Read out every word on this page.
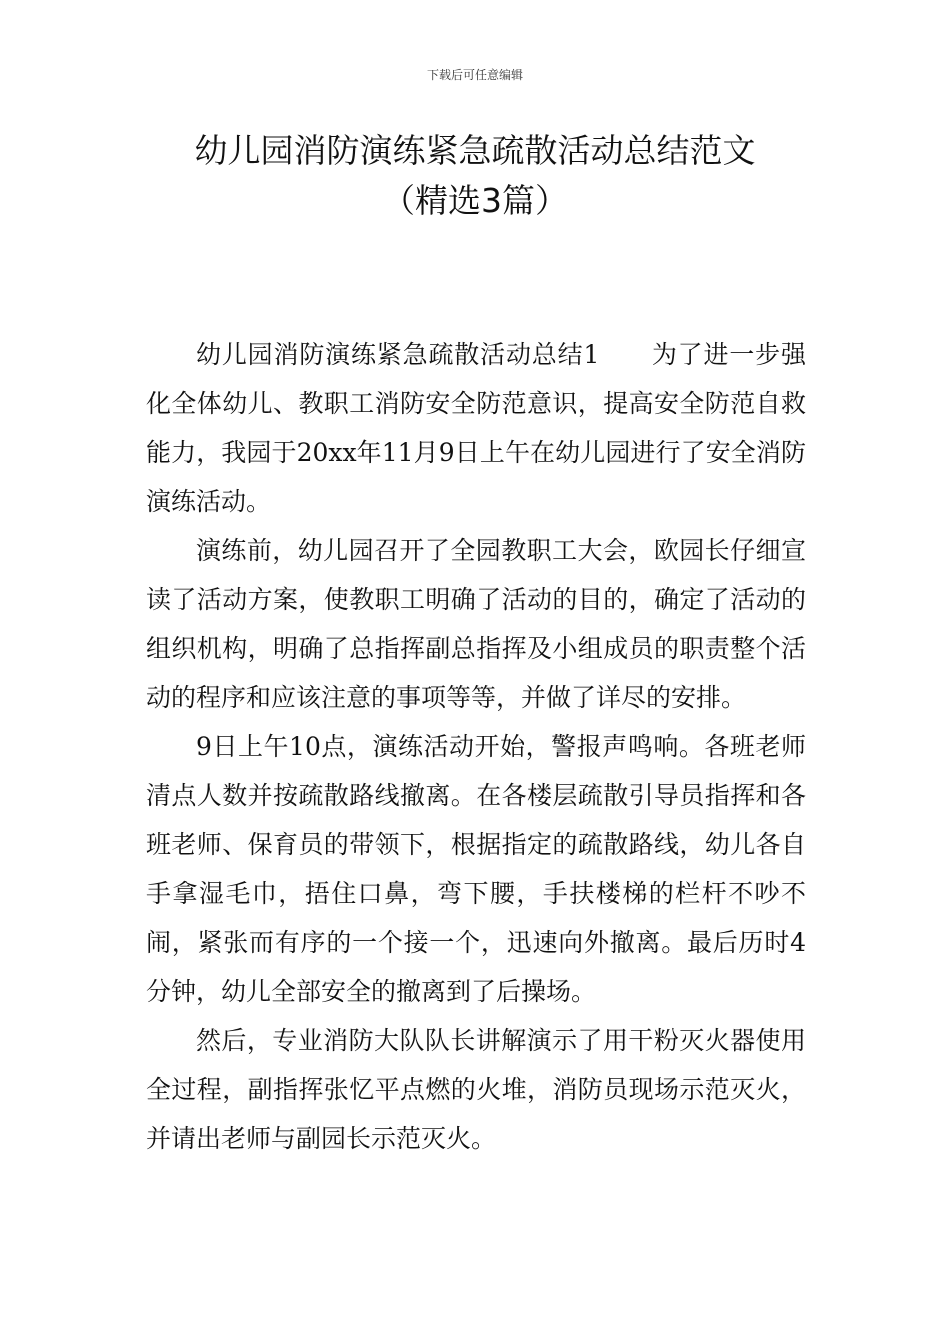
下载后可任意编辑
幼儿园消防演练紧急疏散活动总结范文
（精选3篇）

幼儿园消防演练紧急疏散活动总结1　　为了进一步强化全体幼儿、教职工消防安全防范意识，提高安全防范自救能力，我园于20xx年11月9日上午在幼儿园进行了安全消防演练活动。

演练前，幼儿园召开了全园教职工大会，欧园长仔细宣读了活动方案，使教职工明确了活动的目的，确定了活动的组织机构，明确了总指挥副总指挥及小组成员的职责整个活动的程序和应该注意的事项等等，并做了详尽的安排。

9日上午10点，演练活动开始，警报声鸣响。各班老师清点人数并按疏散路线撤离。在各楼层疏散引导员指挥和各班老师、保育员的带领下，根据指定的疏散路线，幼儿各自手拿湿毛巾，捂住口鼻，弯下腰，手扶楼梯的栏杆不吵不闹，紧张而有序的一个接一个，迅速向外撤离。最后历时4分钟，幼儿全部安全的撤离到了后操场。

然后，专业消防大队队长讲解演示了用干粉灭火器使用全过程，副指挥张忆平点燃的火堆，消防员现场示范灭火，并请出老师与副园长示范灭火。
